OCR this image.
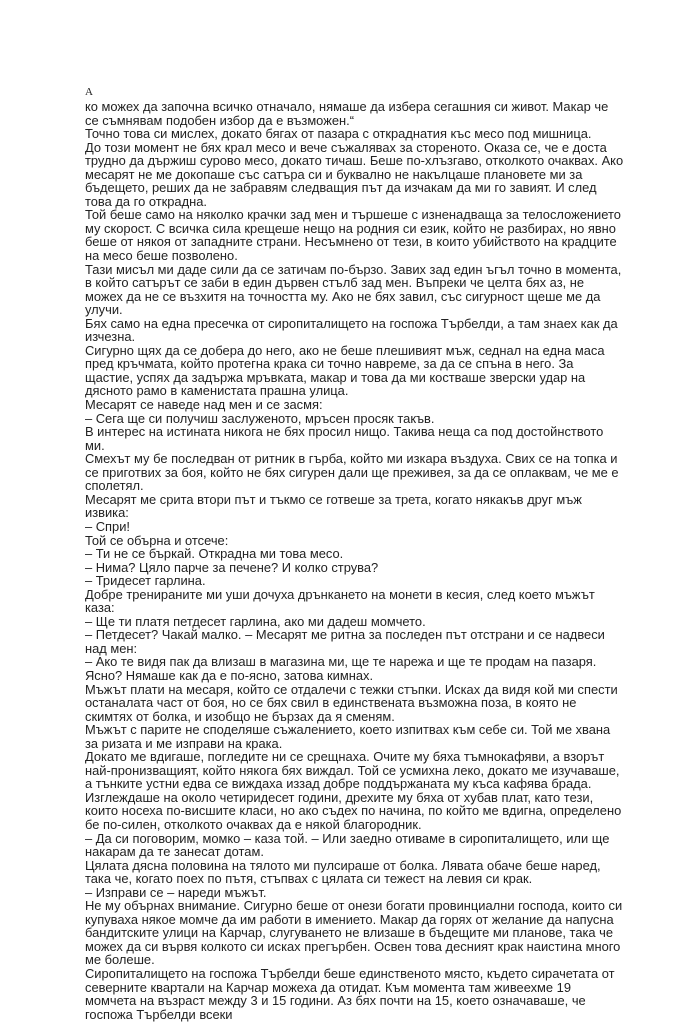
A

ко можех да започна всичко отначало, нямаше да избера сегашния си живот. Макар че се съмнявам подобен избор да е възможен.“

Точно това си мислех, докато бягах от пазара с откраднатия къс месо под мишница.

До този момент не бях крал месо и вече съжалявах за стореното. Оказа се, че е доста трудно да държиш сурово месо, докато тичаш. Беше по-хлъзгаво, отколкото очаквах. Ако месарят не ме докопаше със сатъра си и буквално не накълцаше плановете ми за бъдещето, реших да не забравям следващия път да изчакам да ми го завият. И след това да го открадна.

Той беше само на няколко крачки зад мен и тършеше с изненадваща за телосложението му скорост. С всичка сила крещеше нещо на родния си език, който не разбирах, но явно беше от някоя от западните страни. Несъмнено от тези, в които убийството на крадците на месо беше позволено.

Тази мисъл ми даде сили да се затичам по-бързо. Завих зад един ъгъл точно в момента, в който сатърът се заби в един дървен стълб зад мен. Въпреки че целта бях аз, не можех да не се възхитя на точността му. Ако не бях завил, със сигурност щеше ме да улучи.

Бях само на една пресечка от сиропиталището на госпожа Търбелди, а там знаех как да изчезна.

Сигурно щях да се добера до него, ако не беше плешивият мъж, седнал на една маса пред кръчмата, който протегна крака си точно навреме, за да се спъна в него. За щастие, успях да задържа мръвката, макар и това да ми костваше зверски удар на дясното рамо в каменистата прашна улица.

Месарят се наведе над мен и се засмя:

– Сега ще си получиш заслуженото, мръсен просяк такъв.

В интерес на истината никога не бях просил нищо. Такива неща са под достойнството ми.

Смехът му бе последван от ритник в гърба, който ми изкара въздуха. Свих се на топка и се приготвих за боя, който не бях сигурен дали ще преживея, за да се оплаквам, че ме е сполетял.

Месарят ме срита втори път и тъкмо се готвеше за трета, когато някакъв друг мъж извика:

– Спри!

Той се обърна и отсече:

– Ти не се бъркай. Открадна ми това месо.

– Нима? Цяло парче за печене? И колко струва?

– Тридесет гарлина.

Добре тренираните ми уши дочуха дрънкането на монети в кесия, след което мъжът каза:

– Ще ти платя петдесет гарлина, ако ми дадеш момчето.

– Петдесет? Чакай малко. – Месарят ме ритна за последен път отстрани и се надвеси над мен:

– Ако те видя пак да влизаш в магазина ми, ще те нарежа и ще те продам на пазаря. Ясно? Нямаше как да е по-ясно, затова кимнах.

Мъжът плати на месаря, който се отдалечи с тежки стъпки. Исках да видя кой ми спести останалата част от боя, но се бях свил в единствената възможна поза, в която не скимтях от болка, и изобщо не бързах да я сменям.

Мъжът с парите не споделяше съжалението, което изпитвах към себе си. Той ме хвана за ризата и ме изправи на крака.

Докато ме вдигаше, погледите ни се срещнаха. Очите му бяха тъмнокафяви, а взорът най-пронизващият, който някога бях виждал. Той се усмихна леко, докато ме изучаваше, а тънките устни едва се виждаха иззад добре поддържаната му къса кафява брада. Изглеждаше на около четиридесет години, дрехите му бяха от хубав плат, като тези, които носеха по-висшите класи, но ако съдех по начина, по който ме вдигна, определено бе по-силен, отколкото очаквах да е някой благородник.

– Да си поговорим, момко – каза той. – Или заедно отиваме в сиропиталището, или ще накарам да те занесат дотам.

Цялата дясна половина на тялото ми пулсираше от болка. Лявата обаче беше наред, така че, когато поех по пътя, стъпвах с цялата си тежест на левия си крак.

– Изправи се – нареди мъжът.

Не му обърнах внимание. Сигурно беше от онези богати провинциални господа, които си купуваха някое момче да им работи в имението. Макар да горях от желание да напусна бандитските улици на Карчар, слугуването не влизаше в бъдещите ми планове, така че можех да си вървя колкото си исках прегърбен. Освен това десният крак наистина много ме болеше.

Сиропиталището на госпожа Търбелди беше единственото място, където сирачетата от северните квартали на Карчар можеха да отидат. Към момента там живеехме 19 момчета на възраст между 3 и 15 години. Аз бях почти на 15, което означаваше, че госпожа Търбелди всеки
